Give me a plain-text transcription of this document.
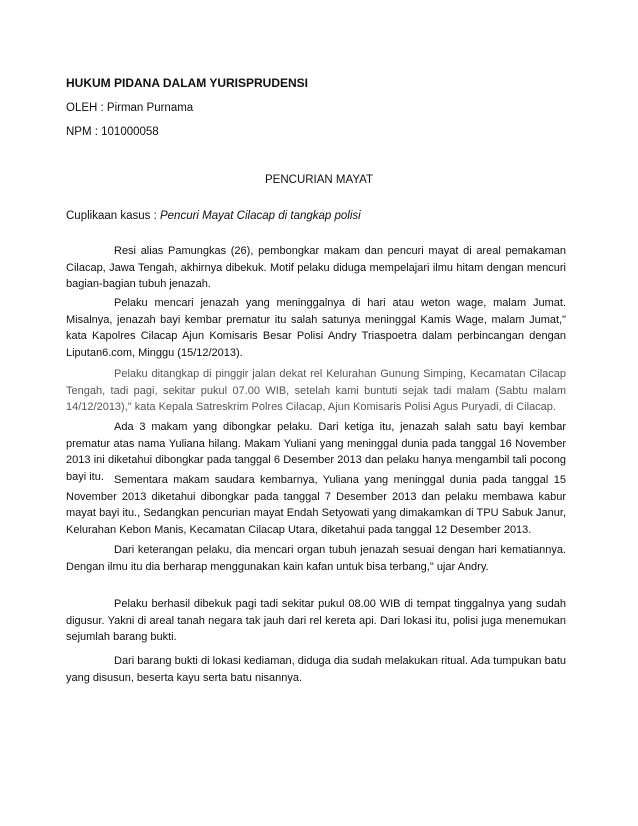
HUKUM PIDANA DALAM YURISPRUDENSI
OLEH : Pirman Purnama
NPM : 101000058
PENCURIAN MAYAT
Cuplikaan kasus : Pencuri Mayat Cilacap di tangkap polisi

Resi alias Pamungkas (26), pembongkar makam dan pencuri mayat di areal pemakaman Cilacap, Jawa Tengah, akhirnya dibekuk. Motif pelaku diduga mempelajari ilmu hitam dengan mencuri bagian-bagian tubuh jenazah.

Pelaku mencari jenazah yang meninggalnya di hari atau weton wage, malam Jumat. Misalnya, jenazah bayi kembar prematur itu salah satunya meninggal Kamis Wage, malam Jumat," kata Kapolres Cilacap Ajun Komisaris Besar Polisi Andry Triaspoetra dalam perbincangan dengan Liputan6.com, Minggu (15/12/2013).

Pelaku ditangkap di pinggir jalan dekat rel Kelurahan Gunung Simping, Kecamatan Cilacap Tengah, tadi pagi, sekitar pukul 07.00 WIB, setelah kami buntuti sejak tadi malam (Sabtu malam 14/12/2013)," kata Kepala Satreskrim Polres Cilacap, Ajun Komisaris Polisi Agus Puryadi, di Cilacap.

Ada 3 makam yang dibongkar pelaku. Dari ketiga itu, jenazah salah satu bayi kembar prematur atas nama Yuliana hilang. Makam Yuliani yang meninggal dunia pada tanggal 16 November 2013 ini diketahui dibongkar pada tanggal 6 Desember 2013 dan pelaku hanya mengambil tali pocong bayi itu. Sementara makam saudara kembarnya, Yuliana yang meninggal dunia pada tanggal 15 November 2013 diketahui dibongkar pada tanggal 7 Desember 2013 dan pelaku membawa kabur mayat bayi itu., Sedangkan pencurian mayat Endah Setyowati yang dimakamkan di TPU Sabuk Janur, Kelurahan Kebon Manis, Kecamatan Cilacap Utara, diketahui pada tanggal 12 Desember 2013.

Dari keterangan pelaku, dia mencari organ tubuh jenazah sesuai dengan hari kematiannya. Dengan ilmu itu dia berharap menggunakan kain kafan untuk bisa terbang," ujar Andry.

Pelaku berhasil dibekuk pagi tadi sekitar pukul 08.00 WIB di tempat tinggalnya yang sudah digusur. Yakni di areal tanah negara tak jauh dari rel kereta api. Dari lokasi itu, polisi juga menemukan sejumlah barang bukti.

Dari barang bukti di lokasi kediaman, diduga dia sudah melakukan ritual. Ada tumpukan batu yang disusun, beserta kayu serta batu nisannya.
